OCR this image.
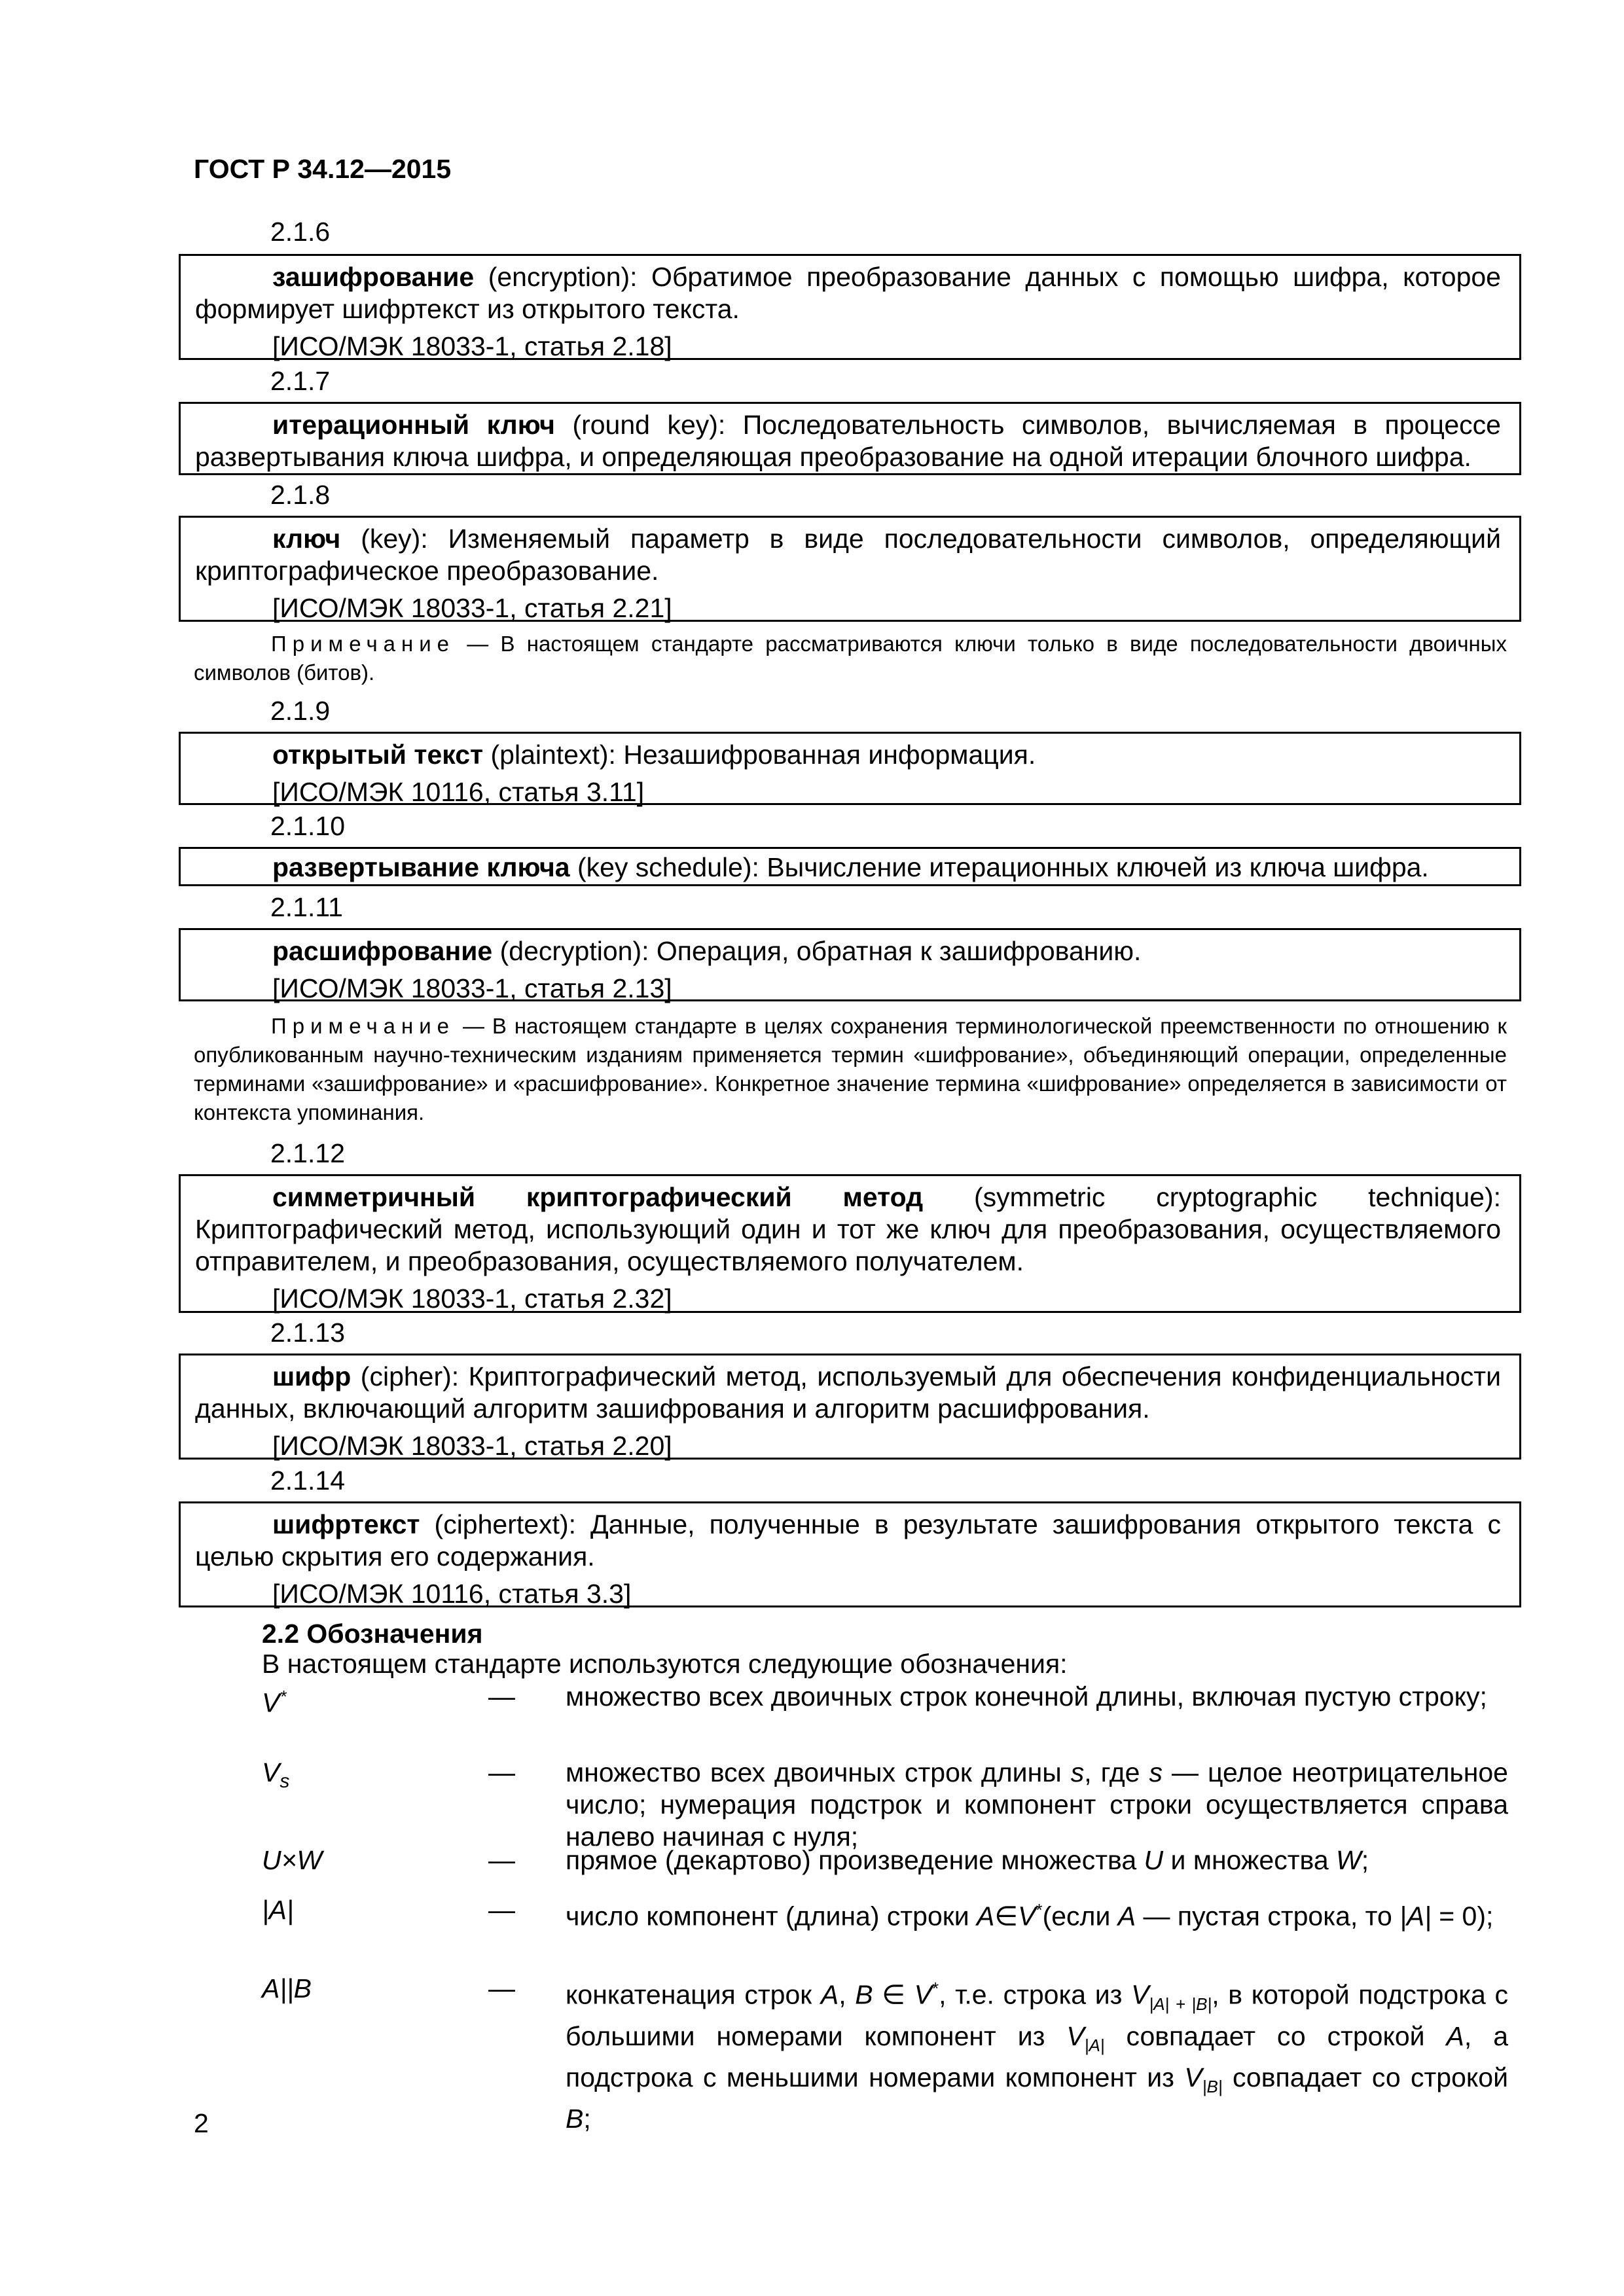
ГОСТ Р 34.12—2015
2.1.6

зашифрование (encryption): Обратимое преобразование данных с помощью шифра, которое формирует шифртекст из открытого текста.

[ИСО/МЭК 18033-1, статья 2.18]
2.1.7

итерационный ключ (round key): Последовательность символов, вычисляемая в процессе развертывания ключа шифра, и определяющая преобразование на одной итерации блочного шифра.

2.1.8

ключ (key): Изменяемый параметр в виде последовательности символов, определяющий криптографическое преобразование.

[ИСО/МЭК 18033-1, статья 2.21]
Примечание — В настоящем стандарте рассматриваются ключи только в виде последовательности двоичных символов (битов).
2.1.9

открытый текст (plaintext): Незашифрованная информация.

[ИСО/МЭК 10116, статья 3.11]
2.1.10

развертывание ключа (key schedule): Вычисление итерационных ключей из ключа шифра.

2.1.11

расшифрование (decryption): Операция, обратная к зашифрованию.

[ИСО/МЭК 18033-1, статья 2.13]
Примечание — В настоящем стандарте в целях сохранения терминологической преемственности по отношению к опубликованным научно-техническим изданиям применяется термин «шифрование», объединяющий операции, определенные терминами «зашифрование» и «расшифрование». Конкретное значение термина «шифрование» определяется в зависимости от контекста упоминания.
2.1.12

симметричный криптографический метод (symmetric cryptographic technique): Криптографический метод, использующий один и тот же ключ для преобразования, осуществляемого отправителем, и преобразования, осуществляемого получателем.

[ИСО/МЭК 18033-1, статья 2.32]
2.1.13

шифр (cipher): Криптографический метод, используемый для обеспечения конфиденциальности данных, включающий алгоритм зашифрования и алгоритм расшифрования.

[ИСО/МЭК 18033-1, статья 2.20]
2.1.14

шифртекст (ciphertext): Данные, полученные в результате зашифрования открытого текста с целью скрытия его содержания.

[ИСО/МЭК 10116, статья 3.3]
2.2 Обозначения
В настоящем стандарте используются следующие обозначения:
V*	— множество всех двоичных строк конечной длины, включая пустую строку;
$V_s$	— множество всех двоичных строк длины s, где s — целое неотрицательное число; нумерация подстрок и компонент строки осуществляется справа налево начиная с нуля;
U×W	— прямое (декартово) произведение множества U и множества W;
|A|	— число компонент (длина) строки A∈V*(если A — пустая строка, то |A| = 0);
A||B	— конкатенация строк A, B ∈ V*, т.е. строка из $V_{|A| + |B|}$, в которой подстрока с большими номерами компонент из $V_{|A|}$ совпадает со строкой A, а подстрока с меньшими номерами компонент из $V_{|B|}$ совпадает со строкой B;
2
